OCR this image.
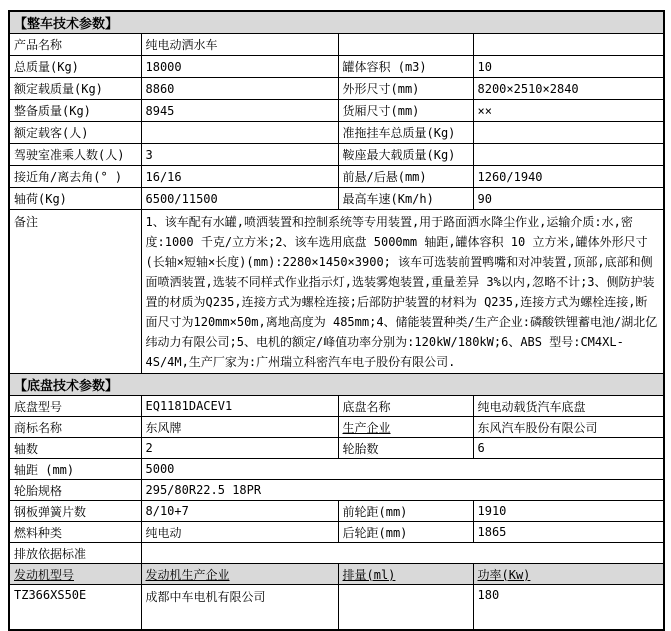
【整车技术参数】			
产品名称	纯电动洒水车		
总质量(Kg)	18000	罐体容积 (m3)	10
额定载质量(Kg)	8860	外形尺寸(mm)	8200×2510×2840
整备质量(Kg)	8945	货厢尺寸(mm)	××
额定载客(人)		准拖挂车总质量(Kg)	
驾驶室准乘人数(人)	3	鞍座最大载质量(Kg)	
接近角/离去角(° )	16/16	前悬/后悬(mm)	1260/1940
轴荷(Kg)	6500/11500	最高车速(Km/h)	90
备注	1、该车配有水罐,喷洒装置和控制系统等专用装置,用于路面洒水降尘作业,运输介质:水,密度:1000 千克/立方米;2、该车选用底盘 5000mm 轴距,罐体容积 10 立方米,罐体外形尺寸(长轴×短轴×长度)(mm):2280×1450×3900; 该车可选装前置鸭嘴和对冲装置,顶部,底部和侧面喷洒装置,选装不同样式作业指示灯,选装雾炮装置,重量差异 3%以内,忽略不计;3、侧防护装置的材质为Q235,连接方式为螺栓连接;后部防护装置的材料为 Q235,连接方式为螺栓连接,断面尺寸为120mm×50m,离地高度为 485mm;4、储能装置种类/生产企业:磷酸铁锂蓄电池/湖北亿纬动力有限公司;5、电机的额定/峰值功率分别为:120kW/180kW;6、ABS 型号:CM4XL-4S/4M,生产厂家为:广州瑞立科密汽车电子股份有限公司.		
【底盘技术参数】			
底盘型号	EQ1181DACEV1	底盘名称	纯电动载货汽车底盘
商标名称	东风牌	生产企业	东风汽车股份有限公司
轴数	2	轮胎数	6
轴距 (mm)	5000		
轮胎规格	295/80R22.5 18PR		
钢板弹簧片数	8/10+7	前轮距(mm)	1910
燃料种类	纯电动	后轮距(mm)	1865
排放依据标准			
发动机型号	发动机生产企业	排量(ml)	功率(Kw)
TZ366XS50E	成都中车电机有限公司		180
